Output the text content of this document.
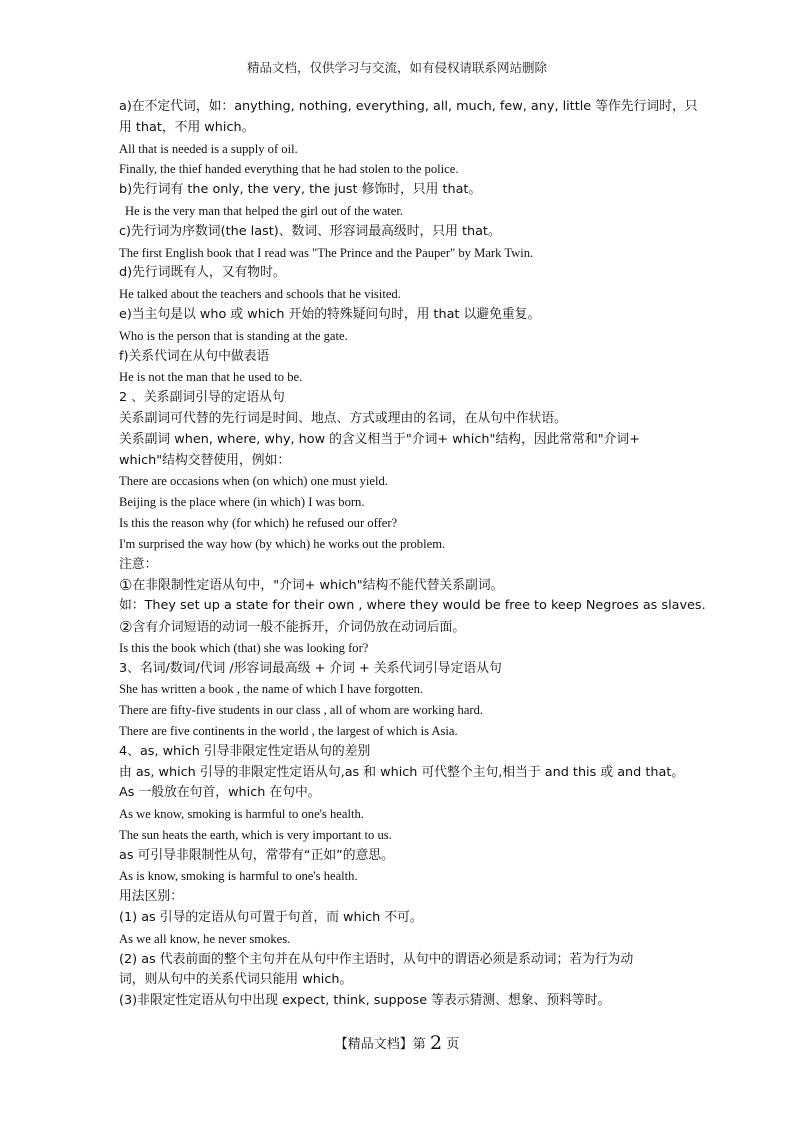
精品文档，仅供学习与交流，如有侵权请联系网站删除
a)在不定代词，如：anything, nothing, everything, all, much, few, any, little 等作先行词时，只
用 that，不用 which。
All that is needed is a supply of oil.
Finally, the thief handed everything that he had stolen to the police.
b)先行词有 the only, the very, the just 修饰时，只用 that。
He is the very man that helped the girl out of the water.
c)先行词为序数词(the last)、数词、形容词最高级时，只用 that。
The first English book that I read was "The Prince and the Pauper" by Mark Twin.
d)先行词既有人，又有物时。
He talked about the teachers and schools that he visited.
e)当主句是以 who 或 which 开始的特殊疑问句时，用 that 以避免重复。
Who is the person that is standing at the gate.
f)关系代词在从句中做表语
He is not the man that he used to be.
2 、关系副词引导的定语从句
关系副词可代替的先行词是时间、地点、方式或理由的名词，在从句中作状语。
关系副词 when, where, why, how 的含义相当于"介词+ which"结构，因此常常和"介词+
which"结构交替使用，例如：
There are occasions when (on which) one must yield.
Beijing is the place where (in which) I was born.
Is this the reason why (for which) he refused our offer?
I'm surprised the way how (by which) he works out the problem.
注意：
①在非限制性定语从句中，"介词+ which"结构不能代替关系副词。
如：They set up a state for their own , where they would be free to keep Negroes as slaves.
②含有介词短语的动词一般不能拆开，介词仍放在动词后面。
Is this the book which (that) she was looking for?
3、名词/数词/代词 /形容词最高级 + 介词 + 关系代词引导定语从句
She has written a book , the name of which I have forgotten.
There are fifty-five students in our class , all of whom are working hard.
There are five continents in the world , the largest of which is Asia.
4、as, which 引导非限定性定语从句的差别
由 as, which 引导的非限定性定语从句,as 和 which 可代整个主句,相当于 and this 或 and that。
As 一般放在句首，which 在句中。
As we know, smoking is harmful to one's health.
The sun heats the earth, which is very important to us.
as 可引导非限制性从句，常带有“正如”的意思。
As is know, smoking is harmful to one's health.
用法区别：
(1) as 引导的定语从句可置于句首，而 which 不可。
As we all know, he never smokes.
(2) as 代表前面的整个主句并在从句中作主语时，从句中的谓语必须是系动词；若为行为动
词，则从句中的关系代词只能用 which。
(3)非限定性定语从句中出现 expect, think, suppose 等表示猜测、想象、预料等时。
【精品文档】第 2 页
